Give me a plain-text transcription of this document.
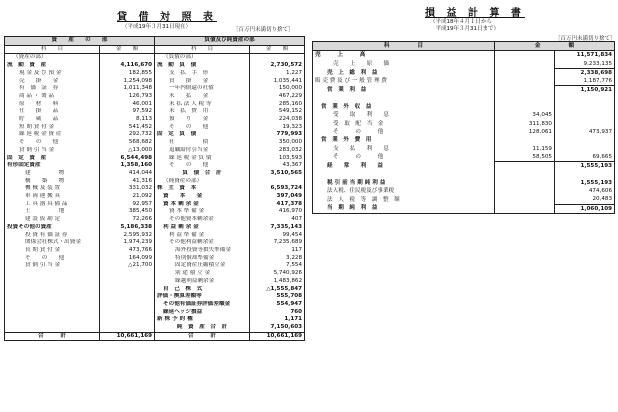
貸 借 対 照 表
（平成19年３月31日現在）	［百万円未満切り捨て］
資　　産　　の　　部		負債及び純資産の部	
科　　目	金　　額	科　　目	金　　額
（資産の部）		（負債の部）	
流　動　資　産	4,116,670	流　動　負　債	2,730,572
現 金 及 び 預 金	182,855	支　払　手　形	1,227
売　　掛　　金	1,254,098	買　　掛　　金	1,035,441
有　価　証　券	1,011,348	一年内償還の社債	150,000
商 品 ・ 製 品	126,793	未　　払　　金	467,229
原　　材　　料	46,001	未 払 法 人 税 等	285,160
仕　　掛　　品	97,592	未　払　費　用	549,152
貯　　蔵　　品	8,113	預　　り　　金	224,038
短 期 貸 付 金	541,452	そ　　の　　他	19,323
繰 延 税 金 資 産	292,732	固　定　負　債	779,993
そ　　の　　他	568,682	社　　　　　債	350,000
貸 倒 引 当 金	△13,000	退職給付引当金	283,032
固　定　資　産	6,544,498	繰 延 税 金 負 債	103,593
有形固定資産	1,358,160	そ　　の　　他	43,367
建　　　　　物	414,044	負　債　合　計	3,510,565
構　　築　　物	41,316	（純資産の部）	
機 械 及 装 置	331,032	株　主　資　本	6,593,724
車 両 運 搬 具	21,092	資　　本　　金	397,049
工 具 器 具 備 品	92,957	資 本 剰 余 金	417,378
土　　　　　地	385,450	資 本 準 備 金	416,970
建 設 仮 勘 定	72,266	その他資本剰余金	407
投資その他の資産	5,186,338	利 益 剰 余 金	7,335,143
投 資 有 価 証 券	2,595,932	利 益 準 備 金	99,454
関係会社株式・出資金	1,974,239	その他利益剰余金	7,235,689
長 期 貸 付 金	473,766	海外投資等損失準備金	117
そ　　の　　他	164,099	特別償却準備金	3,228
貸 倒 引 当 金	△21,700	固定資産圧縮積立金	7,554
		別 途 積 立 金	5,740,926
		繰越利益剰余金	1,483,862
		自　己　株　式	△1,555,847
		評価・換算差額等	555,708
		その他有価証券評価差額金	554,947
		繰延ヘッジ損益	760
		新 株 予 約 権	1,171
		純　資　産　合　計	7,150,603
合　　　計	10,661,169	合　　　計	10,661,169
損 益 計 算 書
（平成18年４月１日から
　平成19年３月31日まで）
［百万円未満切り捨て］
科　　　　　目	金　　　　　額	
売　　　上　　　高		11,571,834
売　　上　　原　　価		9,233,135
売　上　総　利　益		2,338,698
販 売 費 及 び 一 般 管 理 費		1,187,776
営　業　利　益		1,150,921

営　業　外　収　益		
受　　取　　利　　息	34,045	
受　取　配　当　金	311,830	
そ　　　の　　　他	128,061	473,937
営　業　外　費　用		
支　　払　　利　　息	11,159	
そ　　　の　　　他	58,505	69,665
経　　常　　利　　益		1,555,193

税 引 前 当 期 純 利 益		1,555,193
法人税、住民税及び事業税		474,606
法　人　税　等　調　整　額		20,483
当　期　純　利　益		1,060,109
